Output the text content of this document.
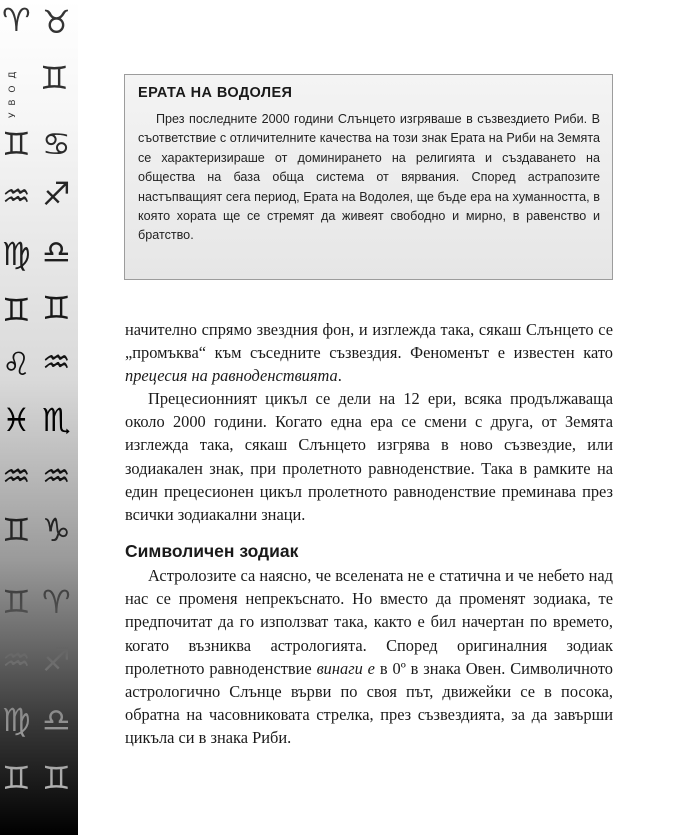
♈ ♉
♊
♊ ♋
♒ ♐
♍ ♎
♊ ♊
♌ ♒
♓ ♏
♒ ♒
♊ ♑
♊ ♈
♒ ♐
♍ ♎
♊ ♊
У В О Д	ЕРАТА НА ВОДОЛЕЯ
През последните 2000 години Слънцето изгряваше в съзвездието Риби. В съответствие с отличителните качества на този знак Ерата на Риби на Земята се характеризираше от доминирането на религията и създаването на общества на база обща система от вярвания. Според астрапозите настъпващият сега период, Ерата на Водолея, ще бъде ера на хуманността, в която хората ще се стремят да живеят свободно и мирно, в равенство и братство.

начително спрямо звездния фон, и изглежда така, сякаш Слънцето се „промъква“ към съседните съзвездия. Феноменът е известен като прецесия на равноденствията.

Прецесионният цикъл се дели на 12 ери, всяка продължаваща около 2000 години. Когато една ера се смени с друга, от Земята изглежда така, сякаш Слънцето изгрява в ново съзвездие, или зодиакален знак, при пролетното равноденствие. Така в рамките на един прецесионен цикъл пролетното равноденствие преминава през всички зодиакални знаци.

Символичен зодиак

Астролозите са наясно, че вселената не е статична и че небето над нас се променя непрекъснато. Но вместо да променят зодиака, те предпочитат да го използват така, както е бил начертан по времето, когато възниква астрологията. Според оригиналния зодиак пролетното равноденствие винаги е в 0º в знака Овен. Символичното астрологично Слънце върви по своя път, движейки се в посока, обратна на часовниковата стрелка, през съзвездията, за да завърши цикъла си в знака Риби.
